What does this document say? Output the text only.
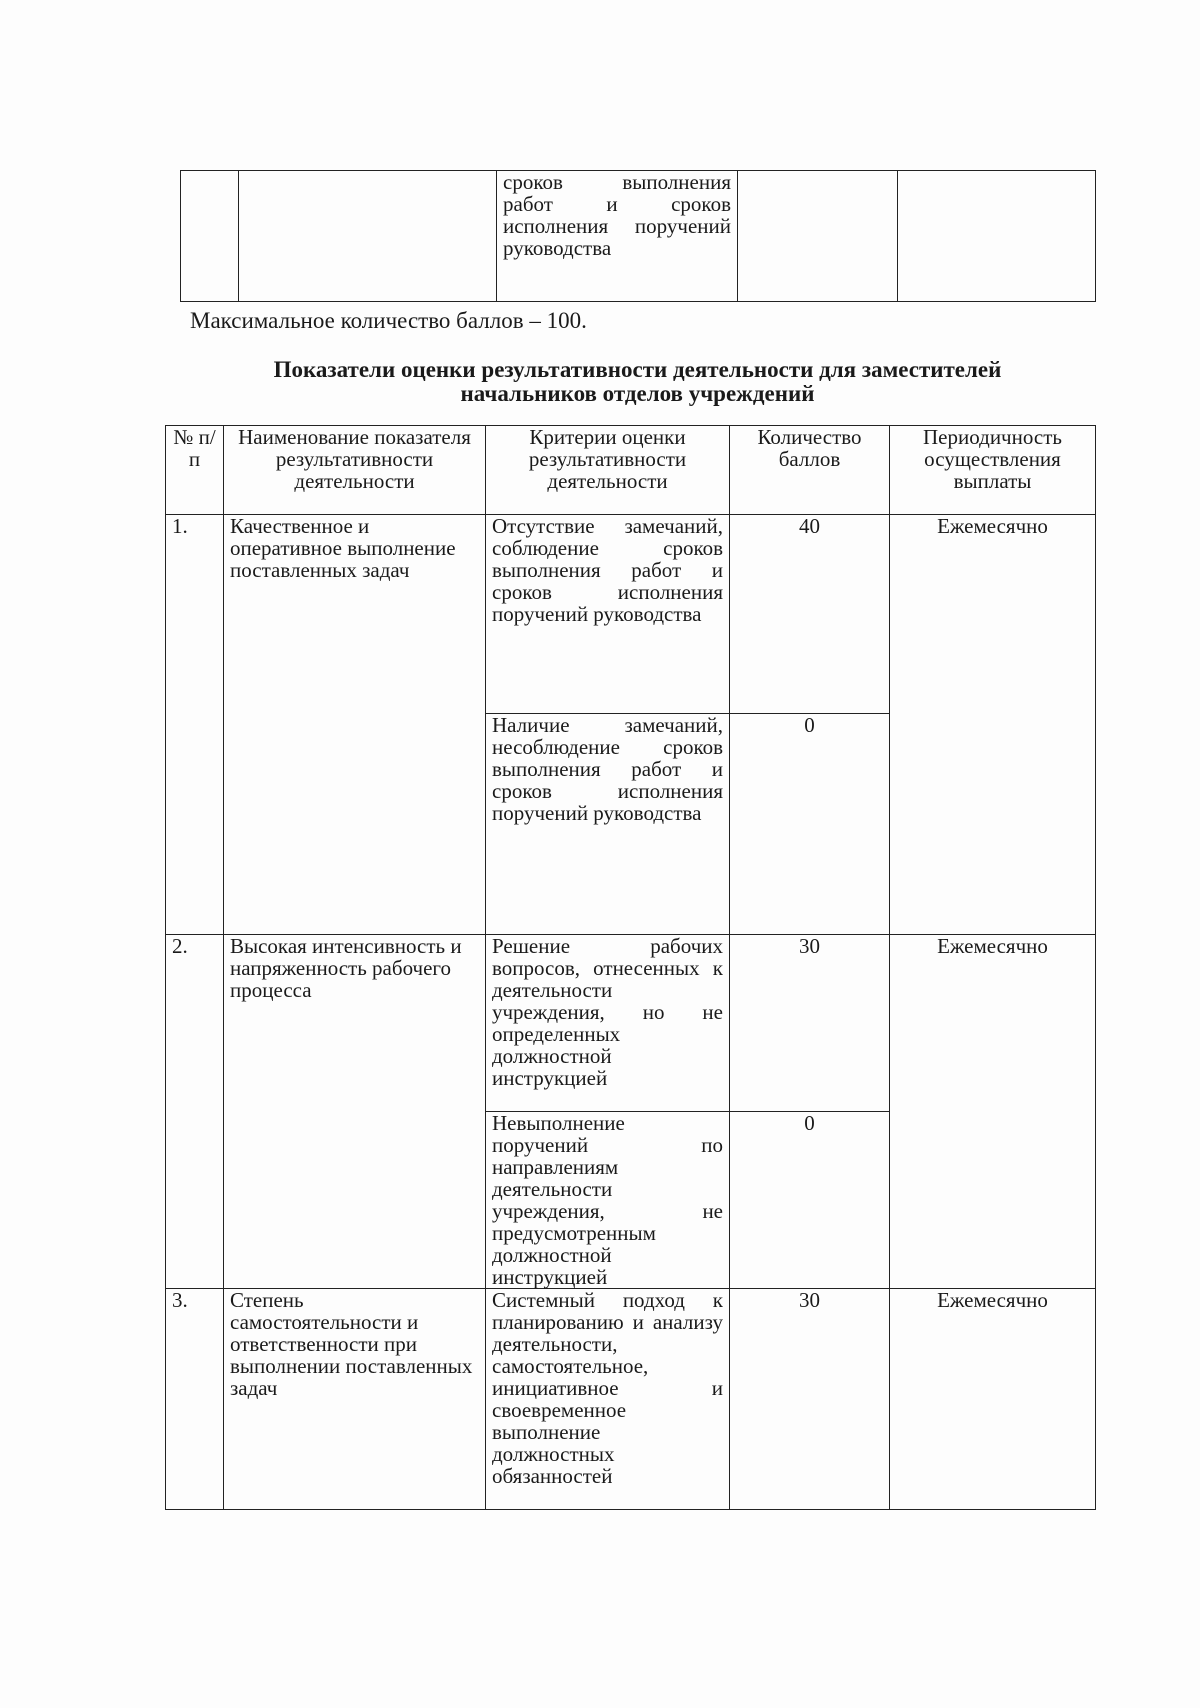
		сроков выполнения работ и сроков исполнения поручений руководства		
Максимальное количество баллов – 100.
Показатели оценки результативности деятельности для заместителей
начальников отделов учреждений
№ п/п	Наименование показателя результативности деятельности	Критерии оценки результативности деятельности	Количество баллов	Периодичность осуществления выплаты
1.	Качественное и оперативное выполнение поставленных задач	Отсутствие замечаний, соблюдение сроков выполнения работ и сроков исполнения поручений руководства	40	Ежемесячно
		Наличие замечаний, несоблюдение сроков выполнения работ и сроков исполнения поручений руководства	0	
2.	Высокая интенсивность и напряженность рабочего процесса	Решение рабочих вопросов, отнесенных к деятельности учреждения, но не определенных должностной инструкцией	30	Ежемесячно
		Невыполнение поручений по направлениям деятельности учреждения, не предусмотренным должностной инструкцией	0	
3.	Степень самостоятельности и ответственности при выполнении поставленных задач	Системный подход к планированию и анализу деятельности, самостоятельное, инициативное и своевременное выполнение должностных обязанностей	30	Ежемесячно
